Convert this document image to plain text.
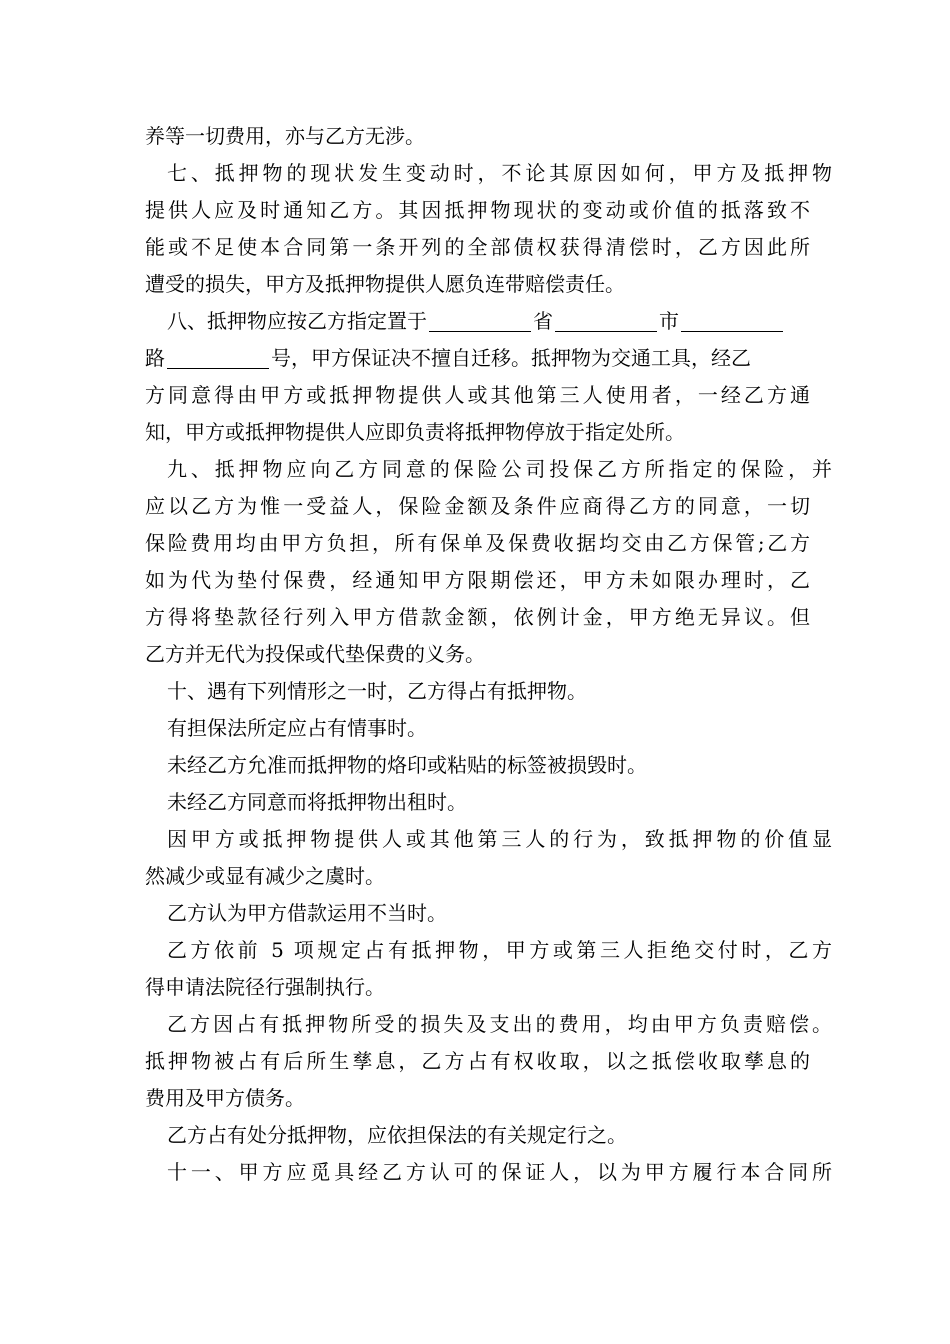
养等一切费用，亦与乙方无涉。
七、抵押物的现状发生变动时，不论其原因如何，甲方及抵押物
提供人应及时通知乙方。其因抵押物现状的变动或价值的抵落致不
能或不足使本合同第一条开列的全部债权获得清偿时，乙方因此所
遭受的损失，甲方及抵押物提供人愿负连带赔偿责任。
八、抵押物应按乙方指定置于	省	市
路	号，甲方保证决不擅自迁移。抵押物为交通工具，经乙
方同意得由甲方或抵押物提供人或其他第三人使用者，一经乙方通
知，甲方或抵押物提供人应即负责将抵押物停放于指定处所。
九、抵押物应向乙方同意的保险公司投保乙方所指定的保险，并
应以乙方为惟一受益人，保险金额及条件应商得乙方的同意，一切
保险费用均由甲方负担，所有保单及保费收据均交由乙方保管;乙方
如为代为垫付保费，经通知甲方限期偿还，甲方未如限办理时，乙
方得将垫款径行列入甲方借款金额，依例计金，甲方绝无异议。但
乙方并无代为投保或代垫保费的义务。
十、遇有下列情形之一时，乙方得占有抵押物。
有担保法所定应占有情事时。
未经乙方允准而抵押物的烙印或粘贴的标签被损毁时。
未经乙方同意而将抵押物出租时。
因甲方或抵押物提供人或其他第三人的行为，致抵押物的价值显
然减少或显有减少之虞时。
乙方认为甲方借款运用不当时。
乙方依前 5 项规定占有抵押物，甲方或第三人拒绝交付时，乙方
得申请法院径行强制执行。
乙方因占有抵押物所受的损失及支出的费用，均由甲方负责赔偿。
抵押物被占有后所生孳息，乙方占有权收取，以之抵偿收取孳息的
费用及甲方债务。
乙方占有处分抵押物，应依担保法的有关规定行之。
十一、甲方应觅具经乙方认可的保证人，以为甲方履行本合同所
